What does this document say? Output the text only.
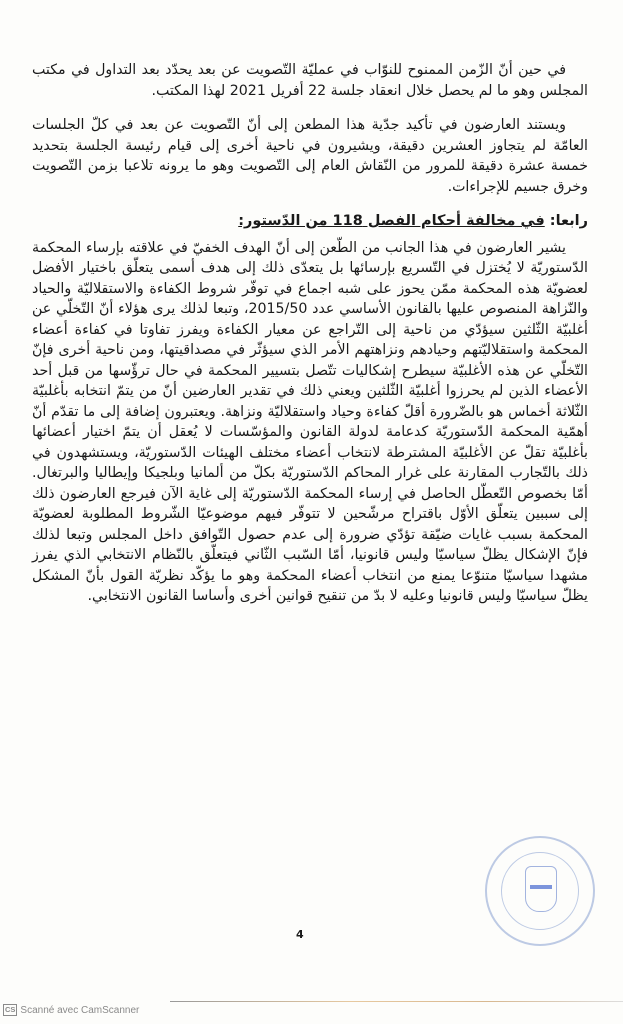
في حين أنّ الزّمن الممنوح للنوّاب في عمليّة التّصويت عن بعد يحدّد بعد التداول في مكتب المجلس وهو ما لم يحصل خلال انعقاد جلسة 22 أفريل 2021 لهذا المكتب.

ويستند العارضون في تأكيد جدّية هذا المطعن إلى أنّ التّصويت عن بعد في كلّ الجلسات العامّة لم يتجاوز العشرين دقيقة، ويشيرون في ناحية أخرى إلى قيام رئيسة الجلسة بتحديد خمسة عشرة دقيقة للمرور من النّقاش العام إلى التّصويت وهو ما يرونه تلاعبا بزمن التّصويت وخرق جسيم للإجراءات.

رابعا: في مخالفة أحكام الفصل 118 من الدّستور:

يشير العارضون في هذا الجانب من الطّعن إلى أنّ الهدف الخفيّ في علاقته بإرساء المحكمة الدّستوريّة لا يُختزل في التّسريع بإرسائها بل يتعدّى ذلك إلى هدف أسمى يتعلّق باختيار الأفضل لعضويّة هذه المحكمة ممّن يحوز على شبه اجماع في توفّر شروط الكفاءة والاستقلاليّة والحياد والنّزاهة المنصوص عليها بالقانون الأساسي عدد 2015/50، وتبعا لذلك يرى هؤلاء أنّ التّخلّي عن أغلبيّة الثّلثين سيؤدّي من ناحية إلى التّراجع عن معيار الكفاءة ويفرز تفاوتا في كفاءة أعضاء المحكمة واستقلاليّتهم وحيادهم ونزاهتهم الأمر الذي سيؤثّر في مصداقيتها، ومن ناحية أخرى فإنّ التّخلّي عن هذه الأغلبيّة سيطرح إشكاليات تتّصل بتسيير المحكمة في حال ترؤّسها من قبل أحد الأعضاء الذين لم يحرزوا أغلبيّة الثّلثين ويعني ذلك في تقدير العارضين أنّ من يتمّ انتخابه بأغلبيّة الثّلاثة أخماس هو بالضّرورة أقلّ كفاءة وحياد واستقلاليّة ونزاهة. ويعتبرون إضافة إلى ما تقدّم أنّ أهمّية المحكمة الدّستوريّة كدعامة لدولة القانون والمؤسّسات لا يُعقل أن يتمّ اختيار أعضائها بأغلبيّة تقلّ عن الأغلبيّة المشترطة لانتخاب أعضاء مختلف الهيئات الدّستوريّة، ويستشهدون في ذلك بالتّجارب المقارنة على غرار المحاكم الدّستوريّة بكلّ من ألمانيا وبلجيكا وإيطاليا والبرتغال. أمّا بخصوص التّعطّل الحاصل في إرساء المحكمة الدّستوريّة إلى غاية الآن فيرجع العارضون ذلك إلى سببين يتعلّق الأوّل باقتراح مرشّحين لا تتوفّر فيهم موضوعيّا الشّروط المطلوبة لعضويّة المحكمة بسبب غايات ضيّقة تؤدّي ضرورة إلى عدم حصول التّوافق داخل المجلس وتبعا لذلك فإنّ الإشكال يظلّ سياسيّا وليس قانونيا، أمّا السّبب الثّاني فيتعلّق بالنّظام الانتخابي الذي يفرز مشهدا سياسيّا متنوّعا يمنع من انتخاب أعضاء المحكمة وهو ما يؤكّد نظريّة القول بأنّ المشكل يظلّ سياسيّا وليس قانونيا وعليه لا بدّ من تنقيح قوانين أخرى وأساسا القانون الانتخابي.

4
CS Scanné avec CamScanner
